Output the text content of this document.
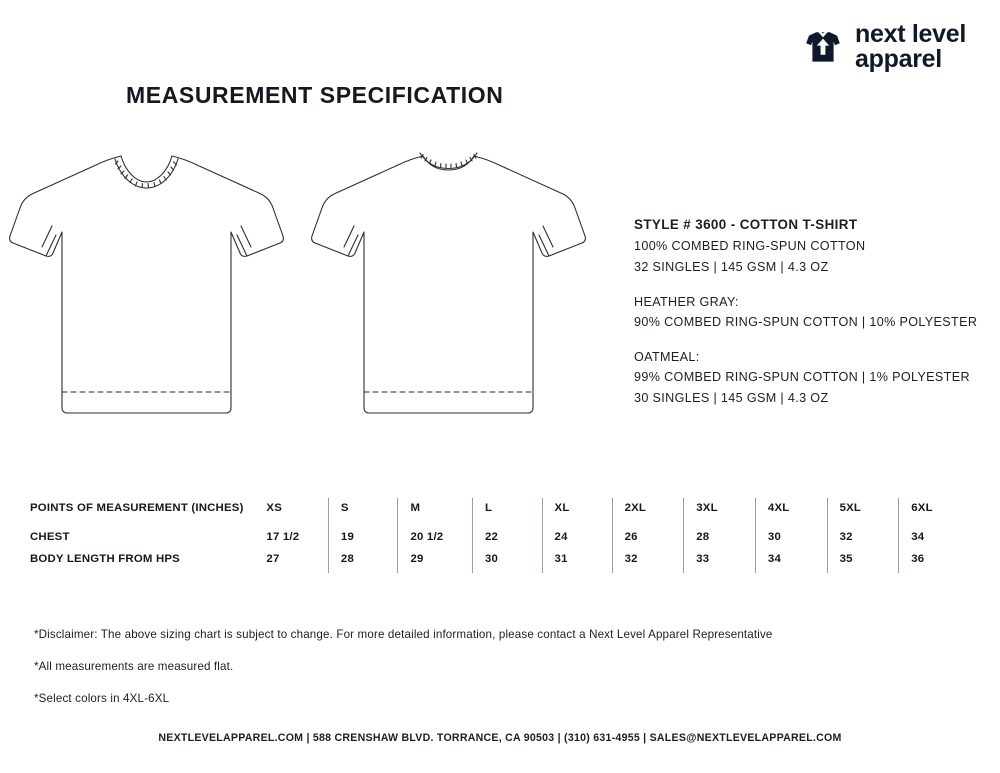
next level
apparel
MEASUREMENT SPECIFICATION
STYLE # 3600 - COTTON T-SHIRT
100% COMBED RING-SPUN COTTON
32 SINGLES | 145 GSM | 4.3 OZ
HEATHER GRAY:
90% COMBED RING-SPUN COTTON | 10% POLYESTER
OATMEAL:
99% COMBED RING-SPUN COTTON | 1% POLYESTER
30 SINGLES | 145 GSM | 4.3 OZ
POINTS OF MEASUREMENT (INCHES)	XS	S	M	L	XL	2XL	3XL	4XL	5XL	6XL
CHEST	17 1/2	19	20 1/2	22	24	26	28	30	32	34
BODY LENGTH FROM HPS	27	28	29	30	31	32	33	34	35	36
*Disclaimer: The above sizing chart is subject to change. For more detailed information, please contact a Next Level Apparel Representative
*All measurements are measured flat.
*Select colors in 4XL-6XL
NEXTLEVELAPPAREL.COM | 588 CRENSHAW BLVD. TORRANCE, CA 90503 | (310) 631-4955 | SALES@NEXTLEVELAPPAREL.COM
